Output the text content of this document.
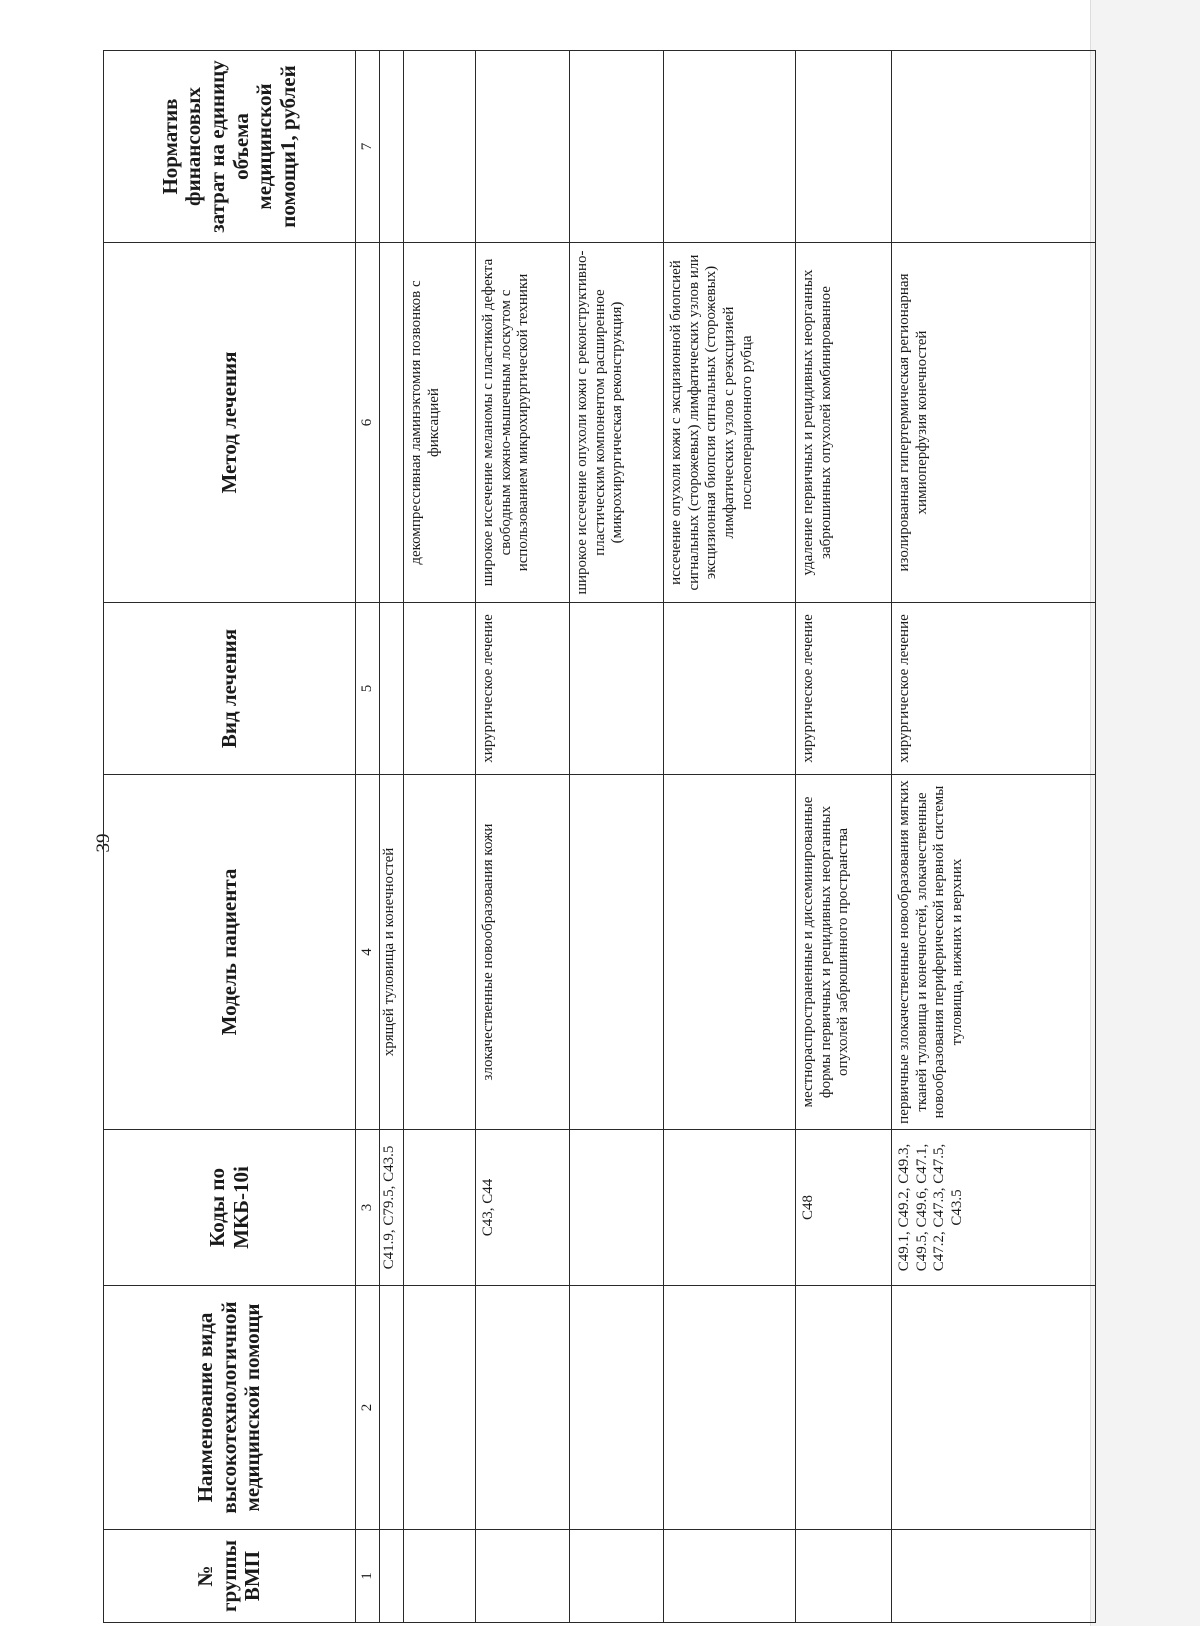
39
№ группы ВМП	Наименование вида высокотехнологичной медицинской помощи	Коды по МКБ-10i	Модель пациента	Вид лечения	Метод лечения	Норматив финансовых затрат на единицу объема медицинской помощи1, рублей
1	2	3	4	5	6	7
		C41.9, C79.5, C43.5	хрящей туловища и конечностей			
					декомпрессивная ламинэктомия позвонков с фиксацией	
		C43, C44	злокачественные новообразования кожи	хирургическое лечение	широкое иссечение меланомы с пластикой дефекта свободным кожно-мышечным лоскутом с использованием микрохирургической техники	
					широкое иссечение опухоли кожи с реконструктивно-пластическим компонентом расширенное (микрохирургическая реконструкция)	
					иссечение опухоли кожи с эксцизионной биопсией сигнальных (сторожевых) лимфатических узлов или эксцизионная биопсия сигнальных (сторожевых) лимфатических узлов с реэксцизией послеоперационного рубца	
		C48	местнораспространенные и диссеминированные формы первичных и рецидивных неорганных опухолей забрюшинного пространства	хирургическое лечение	удаление первичных и рецидивных неорганных забрюшинных опухолей комбинированное	
		C49.1, C49.2, C49.3, C49.5, C49.6, C47.1, C47.2, C47.3, C47.5, C43.5	первичные злокачественные новообразования мягких тканей туловища и конечностей, злокачественные новообразования периферической нервной системы туловища, нижних и верхних	хирургическое лечение	изолированная гипертермическая регионарная химиоперфузия конечностей	
